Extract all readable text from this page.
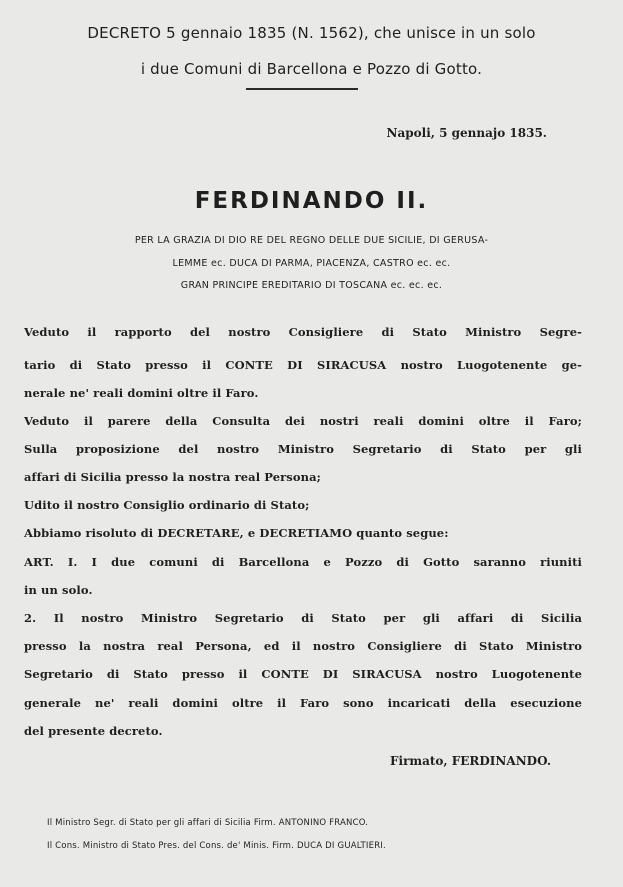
DECRETO 5 gennaio 1835 (N. 1562), che unisce in un solo
i due Comuni di Barcellona e Pozzo di Gotto.
Napoli, 5 gennajo 1835.
FERDINANDO II.
PER LA GRAZIA DI DIO RE DEL REGNO DELLE DUE SICILIE, DI GERUSA-
LEMME ec. DUCA DI PARMA, PIACENZA, CASTRO ec. ec.
GRAN PRINCIPE EREDITARIO DI TOSCANA ec. ec. ec.
Veduto il rapporto del nostro Consigliere di Stato Ministro Segre-
tario di Stato presso il CONTE DI SIRACUSA nostro Luogotenente ge-
nerale ne' reali domini oltre il Faro.
Veduto il parere della Consulta dei nostri reali domini oltre il Faro;
Sulla proposizione del nostro Ministro Segretario di Stato per gli
affari di Sicilia presso la nostra real Persona;
Udito il nostro Consiglio ordinario di Stato;
Abbiamo risoluto di DECRETARE, e DECRETIAMO quanto segue:
ART. I. I due comuni di Barcellona e Pozzo di Gotto saranno riuniti
in un solo.
2. Il nostro Ministro Segretario di Stato per gli affari di Sicilia
presso la nostra real Persona, ed il nostro Consigliere di Stato Ministro
Segretario di Stato presso il CONTE DI SIRACUSA nostro Luogotenente
generale ne' reali domini oltre il Faro sono incaricati della esecuzione
del presente decreto.
Firmato, FERDINANDO.
Il Ministro Segr. di Stato per gli affari di Sicilia Firm. ANTONINO FRANCO.
Il Cons. Ministro di Stato Pres. del Cons. de' Minis. Firm. DUCA DI GUALTIERI.
